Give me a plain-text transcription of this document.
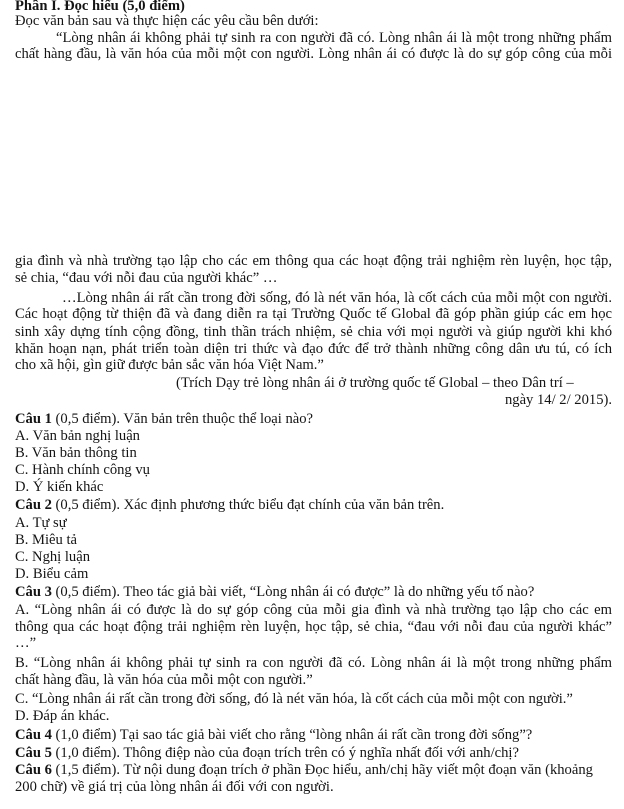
Phần I. Đọc hiểu (5,0 điểm)
Đọc văn bản sau và thực hiện các yêu cầu bên dưới:
“Lòng nhân ái không phải tự sinh ra con người đã có. Lòng nhân ái là một trong những phẩm
chất hàng đầu, là văn hóa của mỗi một con người. Lòng nhân ái có được là do sự góp công của mỗi
gia đình và nhà trường tạo lập cho các em thông qua các hoạt động trải nghiệm rèn luyện, học tập,
sẻ chia, “đau với nỗi đau của người khác” …
…Lòng nhân ái rất cần trong đời sống, đó là nét văn hóa, là cốt cách của mỗi một con người.
Các hoạt động từ thiện đã và đang diễn ra tại Trường Quốc tế Global đã góp phần giúp các em học
sinh xây dựng tính cộng đồng, tinh thần trách nhiệm, sẻ chia với mọi người và giúp người khi khó
khăn hoạn nạn, phát triển toàn diện tri thức và đạo đức để trở thành những công dân ưu tú, có ích
cho xã hội, gìn giữ được bản sắc văn hóa Việt Nam.”
(Trích Dạy trẻ lòng nhân ái ở trường quốc tế Global – theo Dân trí –
ngày 14/ 2/ 2015).
Câu 1 (0,5 điểm). Văn bản trên thuộc thể loại nào?
A. Văn bản nghị luận
B. Văn bản thông tin
C. Hành chính công vụ
D. Ý kiến khác
Câu 2 (0,5 điểm). Xác định phương thức biểu đạt chính của văn bản trên.
A. Tự sự
B. Miêu tả
C. Nghị luận
D. Biểu cảm
Câu 3 (0,5 điểm). Theo tác giả bài viết, “Lòng nhân ái có được” là do những yếu tố nào?
A. “Lòng nhân ái có được là do sự góp công của mỗi gia đình và nhà trường tạo lập cho các em
thông qua các hoạt động trải nghiệm rèn luyện, học tập, sẻ chia, “đau với nỗi đau của người khác”
…”
B. “Lòng nhân ái không phải tự sinh ra con người đã có. Lòng nhân ái là một trong những phẩm
chất hàng đầu, là văn hóa của mỗi một con người.”
C. “Lòng nhân ái rất cần trong đời sống, đó là nét văn hóa, là cốt cách của mỗi một con người.”
D. Đáp án khác.
Câu 4 (1,0 điểm) Tại sao tác giả bài viết cho rằng “lòng nhân ái rất cần trong đời sống”?
Câu 5 (1,0 điểm). Thông điệp nào của đoạn trích trên có ý nghĩa nhất đối với anh/chị?
Câu 6 (1,5 điểm). Từ nội dung đoạn trích ở phần Đọc hiểu, anh/chị hãy viết một đoạn văn (khoảng
200 chữ) về giá trị của lòng nhân ái đối với con người.
